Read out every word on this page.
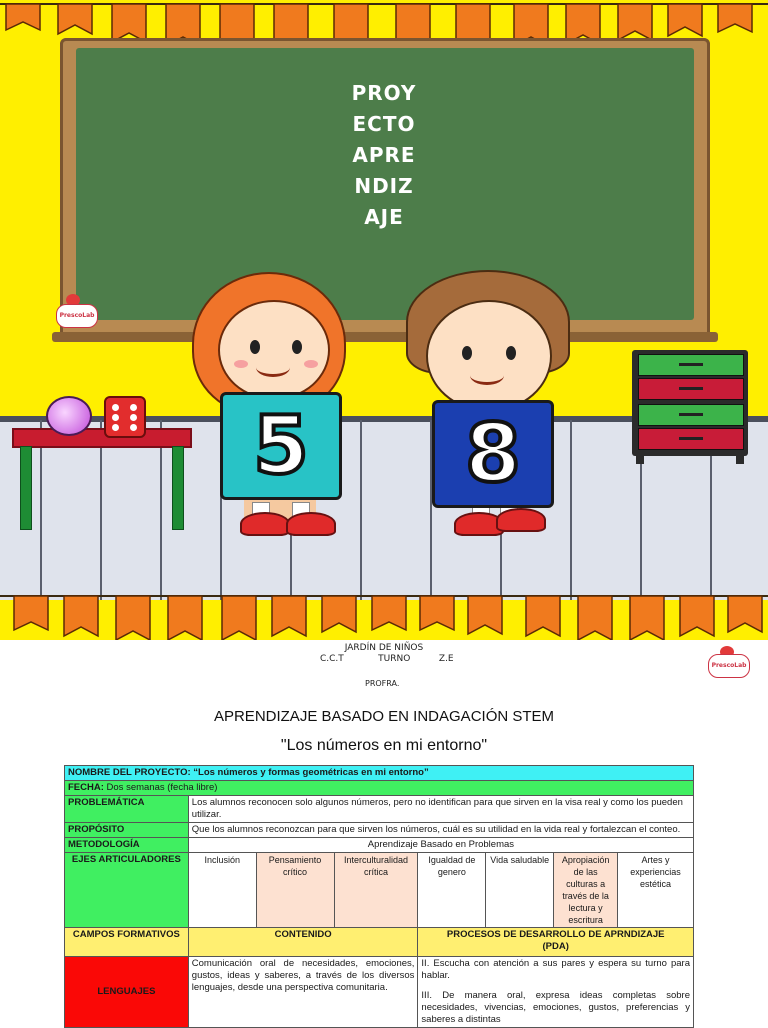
PROYECTO APRENDIZAJE
PrescoLab
5	8
PrescoLab
JARDÍN DE NIÑOS
C.C.T	TURNO	Z.E
PROFRA.
APRENDIZAJE BASADO EN INDAGACIÓN STEM
"Los números en mi entorno"
NOMBRE DEL PROYECTO: “Los números y formas geométricas en mi entorno”							
FECHA: Dos semanas (fecha libre)							
PROBLEMÁTICA	Los alumnos reconocen solo algunos números, pero no identifican para que sirven en la visa real y como los pueden utilizar.						
PROPÓSITO	Que los alumnos reconozcan para que sirven los números, cuál es su utilidad en la vida real y fortalezcan el conteo.						
METODOLOGÍA	Aprendizaje Basado en Problemas						
EJES ARTICULADORES	Inclusión	Pensamiento crítico	Interculturalidad crítica	Igualdad de genero	Vida saludable	Apropiación de las culturas a través de la lectura y escritura	Artes y experiencias estética
CAMPOS FORMATIVOS	CONTENIDO			PROCESOS DE DESARROLLO DE APRNDIZAJE
(PDA)			

LENGUAJES	Comunicación oral de necesidades, emociones, gustos, ideas y saberes, a través de los diversos lenguajes, desde una perspectiva comunitaria.			II. Escucha con atención a sus pares y espera su turno para hablar.
III. De manera oral, expresa ideas completas sobre necesidades, vivencias, emociones, gustos, preferencias y saberes a distintas			
